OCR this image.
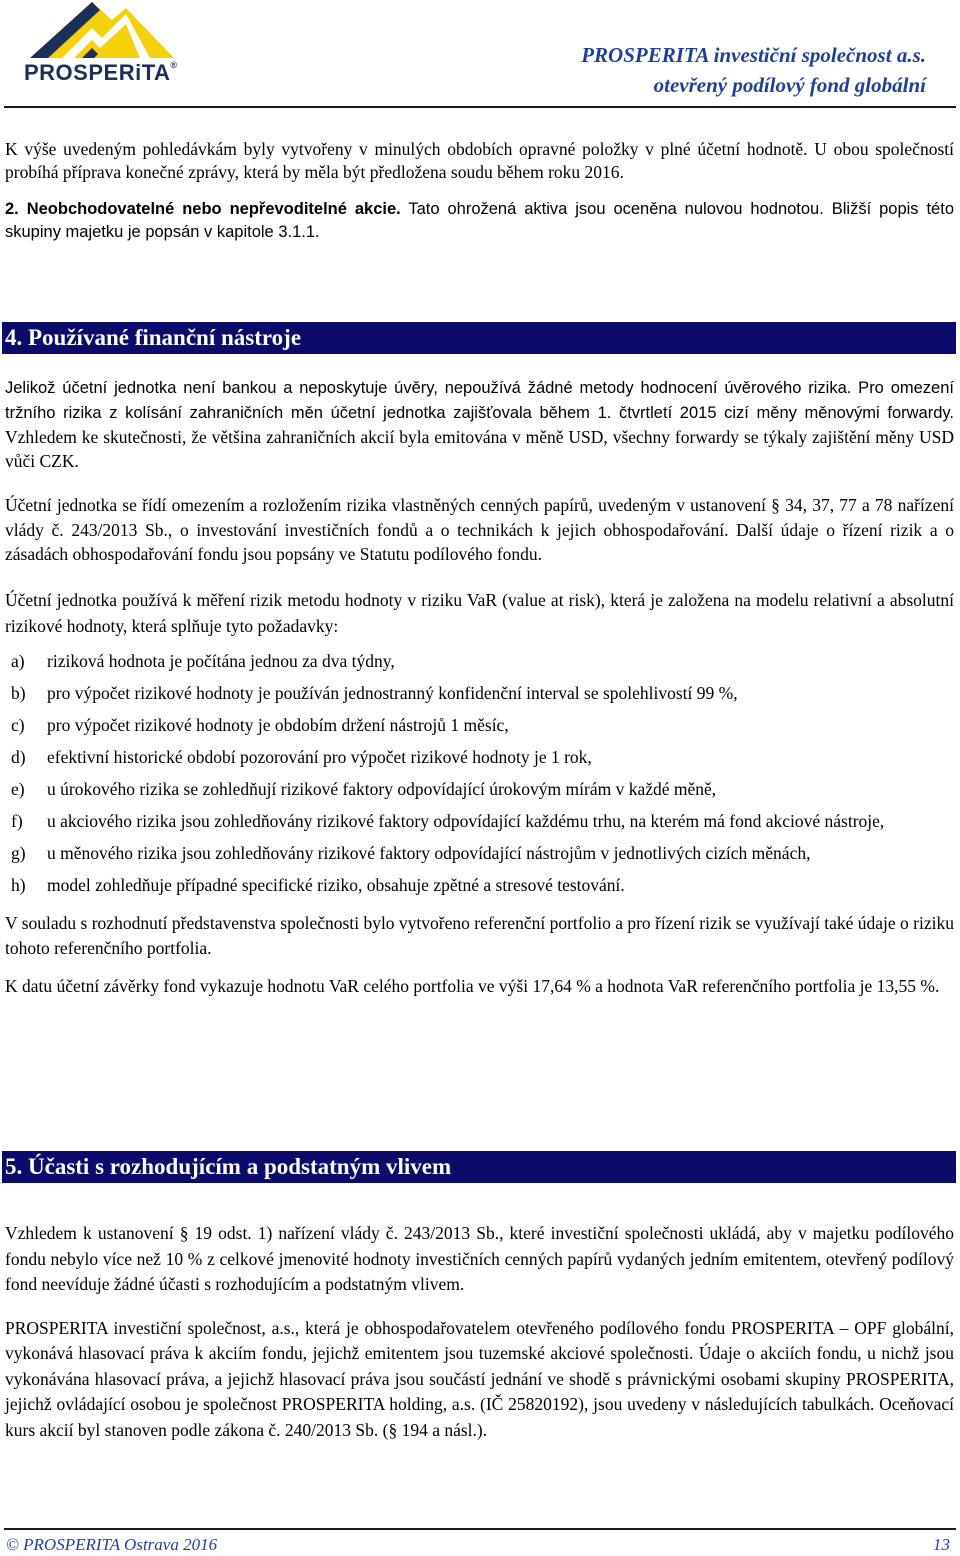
PROSPERiTA®	PROSPERITA investiční společnost a.s.
otevřený podílový fond globální

K výše uvedeným pohledávkám byly vytvořeny v minulých obdobích opravné položky v plné účetní hodnotě. U obou společností probíhá příprava konečné zprávy, která by měla být předložena soudu během roku 2016.

2. Neobchodovatelné nebo nepřevoditelné akcie. Tato ohrožená aktiva jsou oceněna nulovou hodnotou. Bližší popis této skupiny majetku je popsán v kapitole 3.1.1.

4. Používané finanční nástroje

Jelikož účetní jednotka není bankou a neposkytuje úvěry, nepoužívá žádné metody hodnocení úvěrového rizika. Pro omezení tržního rizika z kolísání zahraničních měn účetní jednotka zajišťovala během 1. čtvrtletí 2015 cizí měny měnovými forwardy. Vzhledem ke skutečnosti, že většina zahraničních akcií byla emitována v měně USD, všechny forwardy se týkaly zajištění měny USD vůči CZK.

Účetní jednotka se řídí omezením a rozložením rizika vlastněných cenných papírů, uvedeným v ustanovení § 34, 37, 77 a 78 nařízení vlády č. 243/2013 Sb., o investování investičních fondů a o technikách k jejich obhospodařování. Další údaje o řízení rizik a o zásadách obhospodařování fondu jsou popsány ve Statutu podílového fondu.

Účetní jednotka používá k měření rizik metodu hodnoty v riziku VaR (value at risk), která je založena na modelu relativní a absolutní rizikové hodnoty, která splňuje tyto požadavky:

a) riziková hodnota je počítána jednou za dva týdny,
b) pro výpočet rizikové hodnoty je používán jednostranný konfidenční interval se spolehlivostí 99 %,
c) pro výpočet rizikové hodnoty je obdobím držení nástrojů 1 měsíc,
d) efektivní historické období pozorování pro výpočet rizikové hodnoty je 1 rok,
e) u úrokového rizika se zohledňují rizikové faktory odpovídající úrokovým mírám v každé měně,
f) u akciového rizika jsou zohledňovány rizikové faktory odpovídající každému trhu, na kterém má fond akciové nástroje,
g) u měnového rizika jsou zohledňovány rizikové faktory odpovídající nástrojům v jednotlivých cizích měnách,
h) model zohledňuje případné specifické riziko, obsahuje zpětné a stresové testování.

V souladu s rozhodnutí představenstva společnosti bylo vytvořeno referenční portfolio a pro řízení rizik se využívají také údaje o riziku tohoto referenčního portfolia.

K datu účetní závěrky fond vykazuje hodnotu VaR celého portfolia ve výši 17,64 % a hodnota VaR referenčního portfolia je 13,55 %.

5. Účasti s rozhodujícím a podstatným vlivem

Vzhledem k ustanovení § 19 odst. 1) nařízení vlády č. 243/2013 Sb., které investiční společnosti ukládá, aby v majetku podílového fondu nebylo více než 10 % z celkové jmenovité hodnoty investičních cenných papírů vydaných jedním emitentem, otevřený podílový fond neevíduje žádné účasti s rozhodujícím a podstatným vlivem.

PROSPERITA investiční společnost, a.s., která je obhospodařovatelem otevřeného podílového fondu PROSPERITA – OPF globální, vykonává hlasovací práva k akciím fondu, jejichž emitentem jsou tuzemské akciové společnosti. Údaje o akciích fondu, u nichž jsou vykonávána hlasovací práva, a jejichž hlasovací práva jsou součástí jednání ve shodě s právnickými osobami skupiny PROSPERITA, jejichž ovládající osobou je společnost PROSPERITA holding, a.s. (IČ 25820192), jsou uvedeny v následujících tabulkách. Oceňovací kurs akcií byl stanoven podle zákona č. 240/2013 Sb. (§ 194 a násl.).

© PROSPERITA Ostrava 2016	13
